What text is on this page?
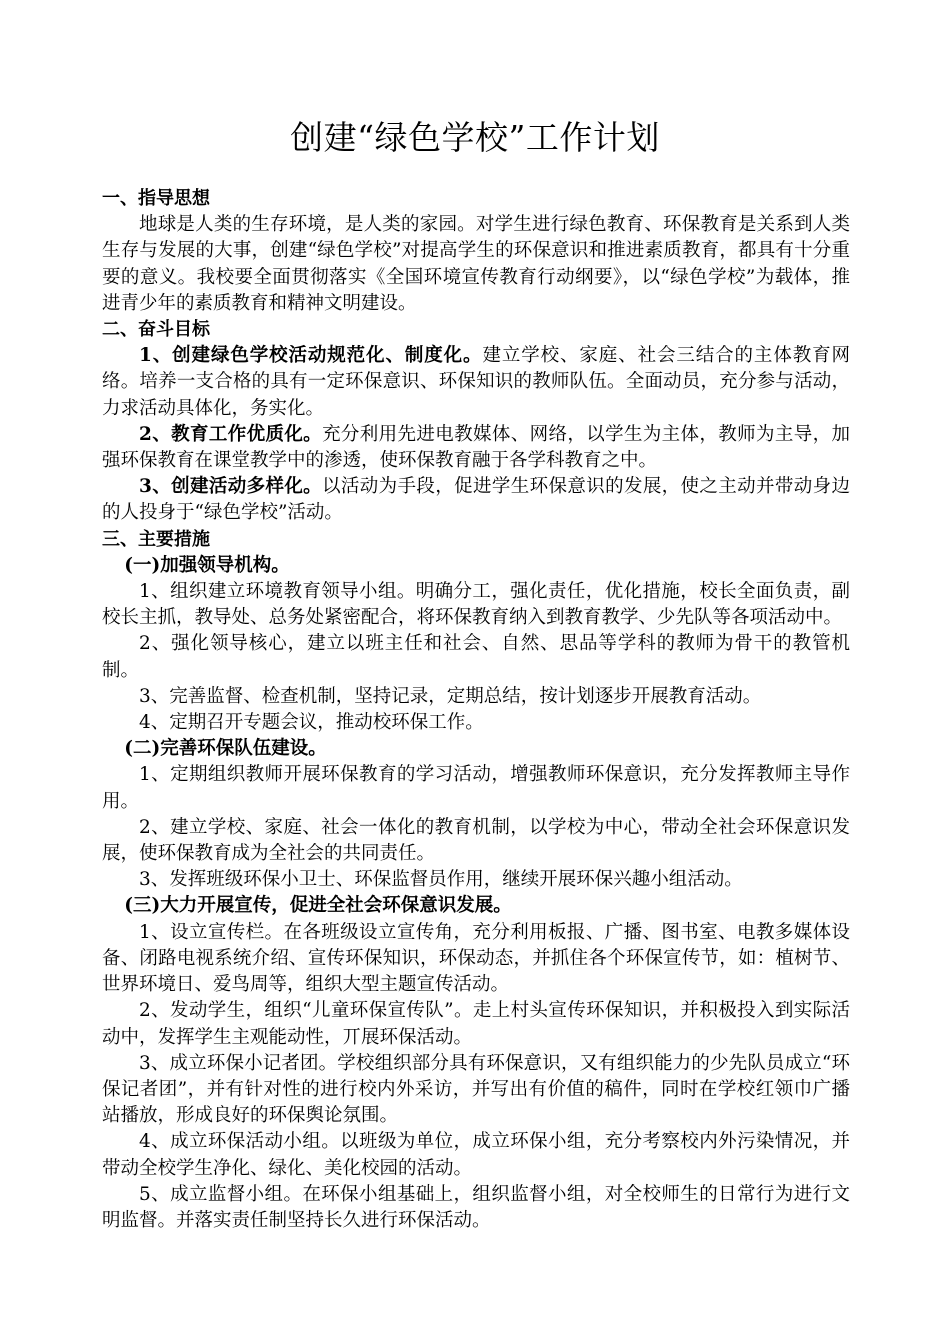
创建“绿色学校”工作计划

一、指导思想

地球是人类的生存环境，是人类的家园。对学生进行绿色教育、环保教育是关系到人类生存与发展的大事，创建“绿色学校”对提高学生的环保意识和推进素质教育，都具有十分重要的意义。我校要全面贯彻落实《全国环境宣传教育行动纲要》，以“绿色学校”为载体，推进青少年的素质教育和精神文明建设。

二、奋斗目标

1、创建绿色学校活动规范化、制度化。建立学校、家庭、社会三结合的主体教育网络。培养一支合格的具有一定环保意识、环保知识的教师队伍。全面动员，充分参与活动，力求活动具体化，务实化。

2、教育工作优质化。充分利用先进电教媒体、网络，以学生为主体，教师为主导，加强环保教育在课堂教学中的渗透，使环保教育融于各学科教育之中。

3、创建活动多样化。以活动为手段，促进学生环保意识的发展，使之主动并带动身边的人投身于“绿色学校”活动。

三、主要措施

(一)加强领导机构。

1、组织建立环境教育领导小组。明确分工，强化责任，优化措施，校长全面负责，副校长主抓，教导处、总务处紧密配合，将环保教育纳入到教育教学、少先队等各项活动中。

2、强化领导核心，建立以班主任和社会、自然、思品等学科的教师为骨干的教管机制。

3、完善监督、检查机制，坚持记录，定期总结，按计划逐步开展教育活动。

4、定期召开专题会议，推动校环保工作。

(二)完善环保队伍建设。

1、定期组织教师开展环保教育的学习活动，增强教师环保意识，充分发挥教师主导作用。

2、建立学校、家庭、社会一体化的教育机制，以学校为中心，带动全社会环保意识发展，使环保教育成为全社会的共同责任。

3、发挥班级环保小卫士、环保监督员作用，继续开展环保兴趣小组活动。

(三)大力开展宣传，促进全社会环保意识发展。

1、设立宣传栏。在各班级设立宣传角，充分利用板报、广播、图书室、电教多媒体设备、闭路电视系统介绍、宣传环保知识，环保动态，并抓住各个环保宣传节，如：植树节、世界环境日、爱鸟周等，组织大型主题宣传活动。

2、发动学生，组织“儿童环保宣传队”。走上村头宣传环保知识，并积极投入到实际活动中，发挥学生主观能动性，丌展环保活动。

3、成立环保小记者团。学校组织部分具有环保意识，又有组织能力的少先队员成立“环保记者团”，并有针对性的进行校内外采访，并写出有价值的稿件，同时在学校红领巾广播站播放，形成良好的环保舆论氛围。

4、成立环保活动小组。以班级为单位，成立环保小组，充分考察校内外污染情况，并带动全校学生净化、绿化、美化校园的活动。

5、成立监督小组。在环保小组基础上，组织监督小组，对全校师生的日常行为进行文明监督。并落实责任制坚持长久进行环保活动。
